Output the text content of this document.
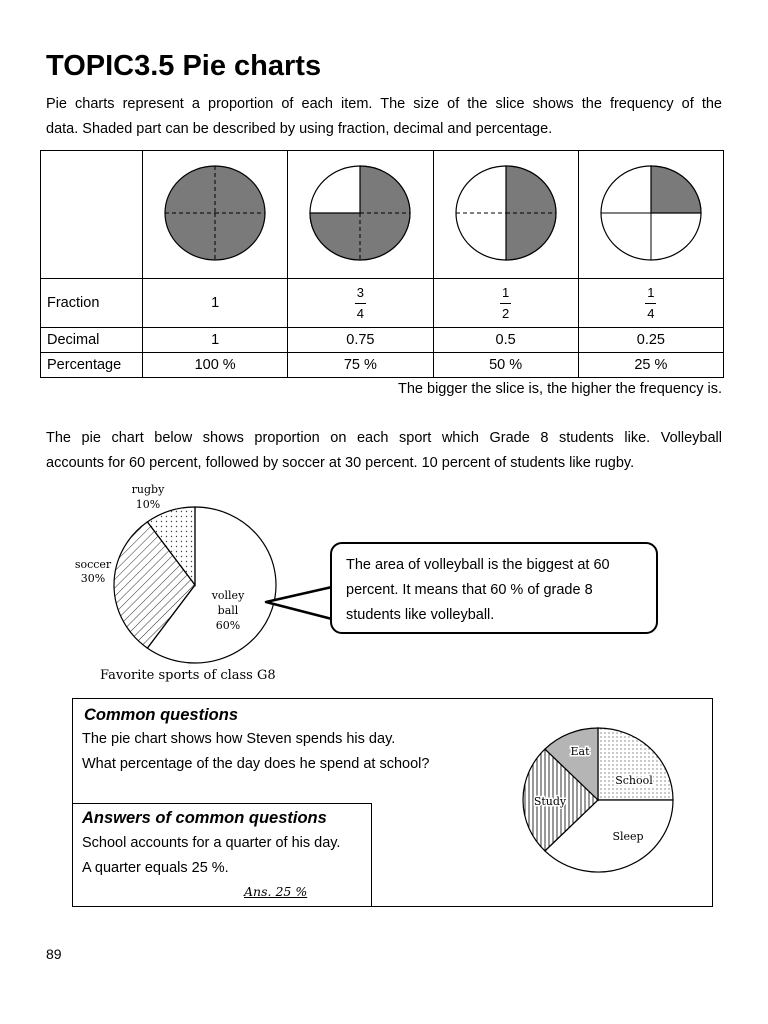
TOPIC3.5 Pie charts
Pie charts represent a proportion of each item. The size of the slice shows the frequency of the
data. Shaded part can be described by using fraction, decimal and percentage.

Fraction	1	$\frac{3}{4}$	$\frac{1}{2}$	$\frac{1}{4}$

Decimal	1	0.75	0.5	0.25
Percentage	100 %	75 %	50 %	25 %
The bigger the slice is, the higher the frequency is.
The pie chart below shows proportion on each sport which Grade 8 students like. Volleyball
accounts for 60 percent, followed by soccer at 30 percent. 10 percent of students like rugby.
volley ball 60%
soccer 30%
rugby 10%
The area of volleyball is the biggest at 60
percent. It means that 60 % of grade 8
students like volleyball.
Favorite sports of class G8
Common questions
The pie chart shows how Steven spends his day.
What percentage of the day does he spend at school?
Eat
School
Study
Sleep
Answers of common questions
School accounts for a quarter of his day.
A quarter equals 25 %.
Ans. 25 %
89
